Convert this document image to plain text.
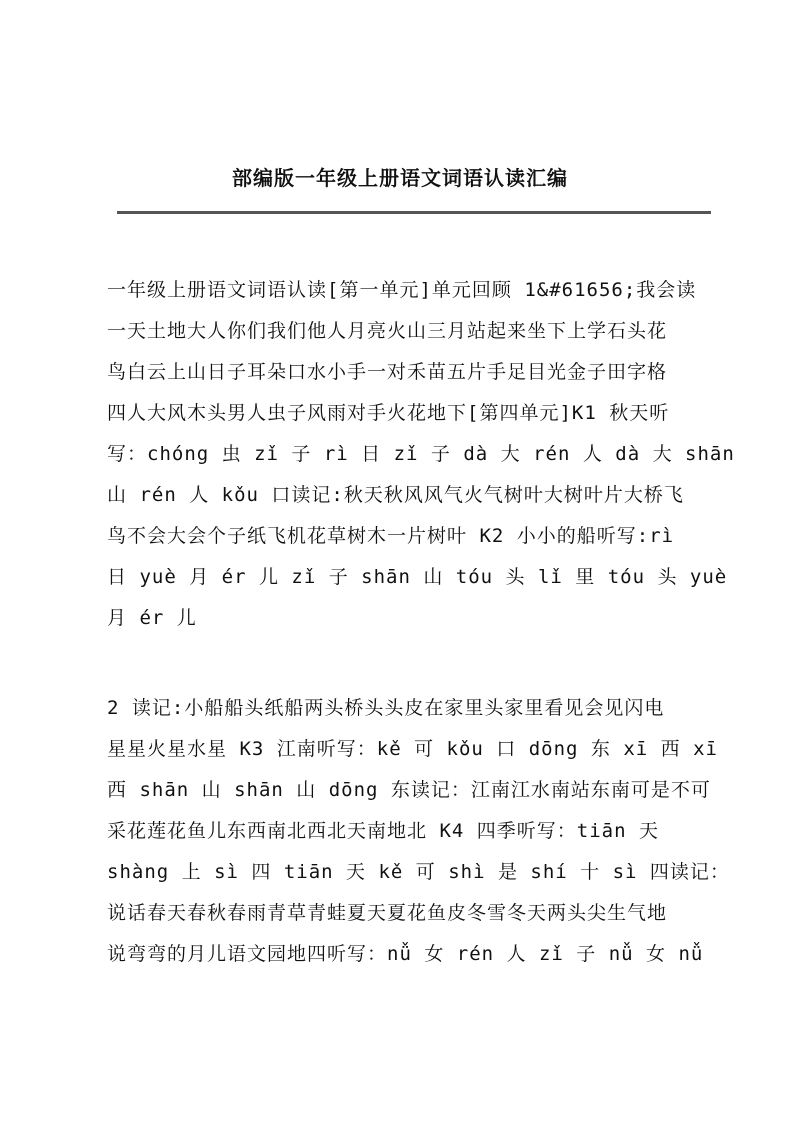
部编版一年级上册语文词语认读汇编
一年级上册语文词语认读[第一单元]单元回顾 1&#61656;我会读
一天土地大人你们我们他人月亮火山三月站起来坐下上学石头花
鸟白云上山日子耳朵口水小手一对禾苗五片手足目光金子田字格
四人大风木头男人虫子风雨对手火花地下[第四单元]K1 秋天听
写：chóng 虫 zǐ 子 rì 日 zǐ 子 dà 大 rén 人 dà 大 shān
山 rén 人 kǒu 口读记:秋天秋风风气火气树叶大树叶片大桥飞
鸟不会大会个子纸飞机花草树木一片树叶 K2 小小的船听写:rì
日 yuè 月 ér 儿 zǐ 子 shān 山 tóu 头 lǐ 里 tóu 头 yuè
月 ér 儿
2 读记:小船船头纸船两头桥头头皮在家里头家里看见会见闪电
星星火星水星 K3 江南听写：kě 可 kǒu 口 dōng 东 xī 西 xī
西 shān 山 shān 山 dōng 东读记：江南江水南站东南可是不可
采花莲花鱼儿东西南北西北天南地北 K4 四季听写：tiān 天
shàng 上 sì 四 tiān 天 kě 可 shì 是 shí 十 sì 四读记：
说话春天春秋春雨青草青蛙夏天夏花鱼皮冬雪冬天两头尖生气地
说弯弯的月儿语文园地四听写：nǚ 女 rén 人 zǐ 子 nǚ 女 nǚ
